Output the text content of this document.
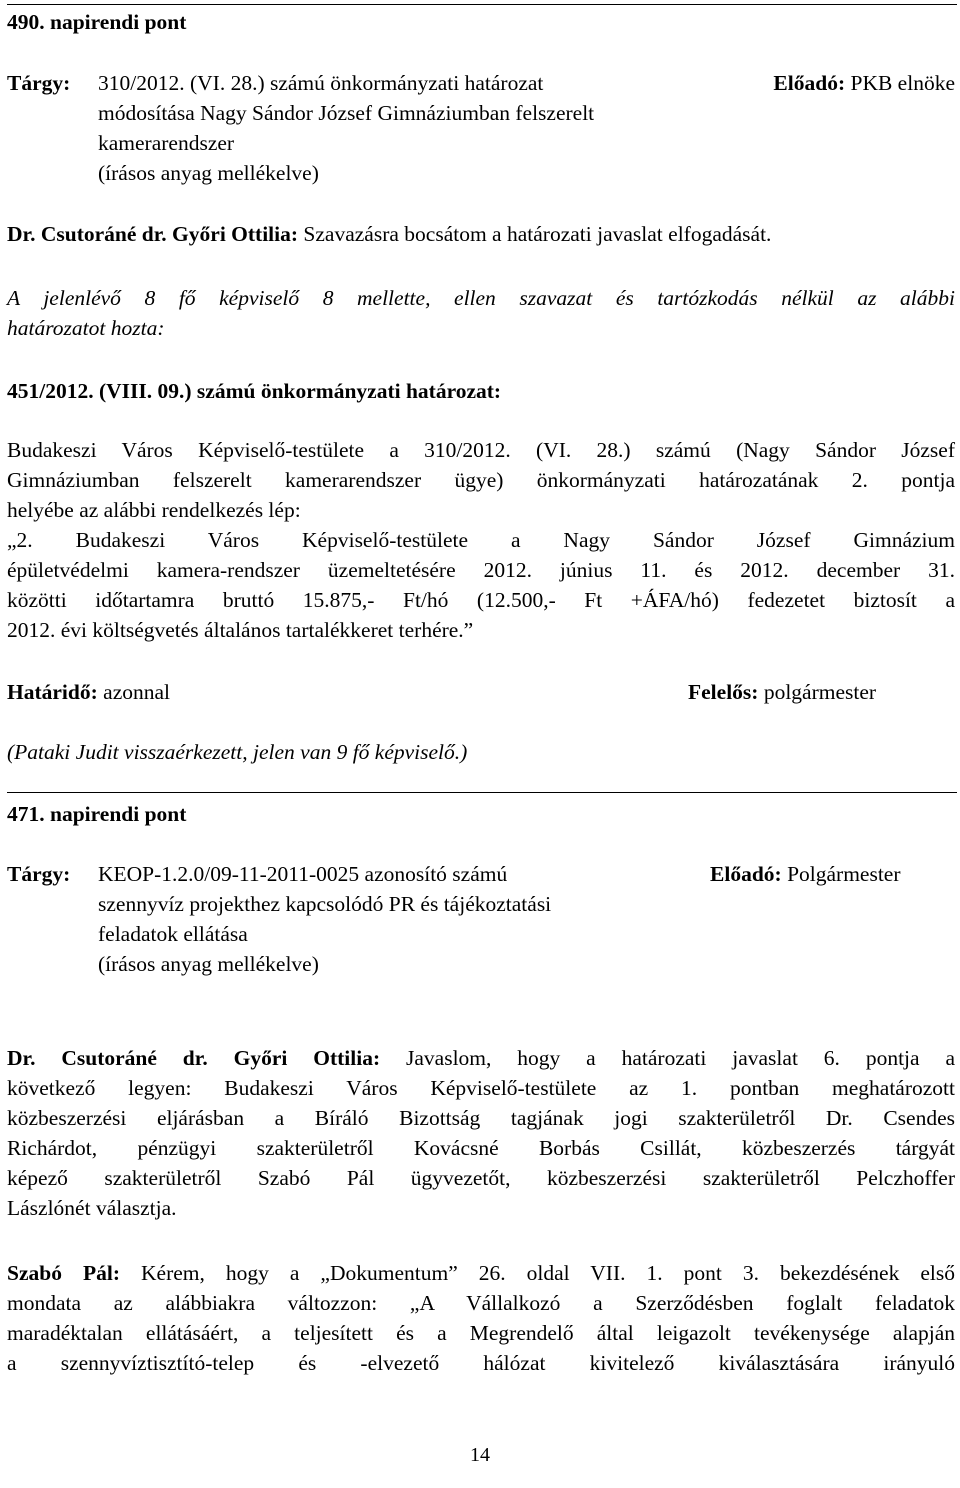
490. napirendi pont
Tárgy: 310/2012. (VI. 28.) számú önkormányzati határozat
módosítása Nagy Sándor József Gimnáziumban felszerelt
kamerarendszer
(írásos anyag mellékelve)
Előadó: PKB elnöke
Dr. Csutoráné dr. Győri Ottilia: Szavazásra bocsátom a határozati javaslat elfogadását.
A jelenlévő 8 fő képviselő 8 mellette, ellen szavazat és tartózkodás nélkül az alábbi
határozatot hozta:
451/2012. (VIII. 09.) számú önkormányzati határozat:
Budakeszi Város Képviselő-testülete a 310/2012. (VI. 28.) számú (Nagy Sándor József
Gimnáziumban felszerelt kamerarendszer ügye) önkormányzati határozatának 2. pontja
helyébe az alábbi rendelkezés lép:
„2. Budakeszi Város Képviselő-testülete a Nagy Sándor József Gimnázium
épületvédelmi kamera-rendszer üzemeltetésére 2012. június 11. és 2012. december 31.
közötti időtartamra bruttó 15.875,- Ft/hó (12.500,- Ft +ÁFA/hó) fedezetet biztosít a
2012. évi költségvetés általános tartalékkeret terhére.”
Határidő: azonnal	Felelős: polgármester
(Pataki Judit visszaérkezett, jelen van 9 fő képviselő.)
471. napirendi pont
Tárgy: KEOP-1.2.0/09-11-2011-0025 azonosító számú
szennyvíz projekthez kapcsolódó PR és tájékoztatási
feladatok ellátása
(írásos anyag mellékelve)
Előadó: Polgármester
Dr. Csutoráné dr. Győri Ottilia: Javaslom, hogy a határozati javaslat 6. pontja a
következő legyen: Budakeszi Város Képviselő-testülete az 1. pontban meghatározott
közbeszerzési eljárásban a Bíráló Bizottság tagjának jogi szakterületről Dr. Csendes
Richárdot, pénzügyi szakterületről Kovácsné Borbás Csillát, közbeszerzés tárgyát
képező szakterületről Szabó Pál ügyvezetőt, közbeszerzési szakterületről Pelczhoffer
Lászlónét választja.
Szabó Pál: Kérem, hogy a „Dokumentum” 26. oldal VII. 1. pont 3. bekezdésének első
mondata az alábbiakra változzon: „A Vállalkozó a Szerződésben foglalt feladatok
maradéktalan ellátásáért, a teljesített és a Megrendelő által leigazolt tevékenysége alapján
a szennyvíztisztító-telep és -elvezető hálózat kivitelező kiválasztására irányuló
14
